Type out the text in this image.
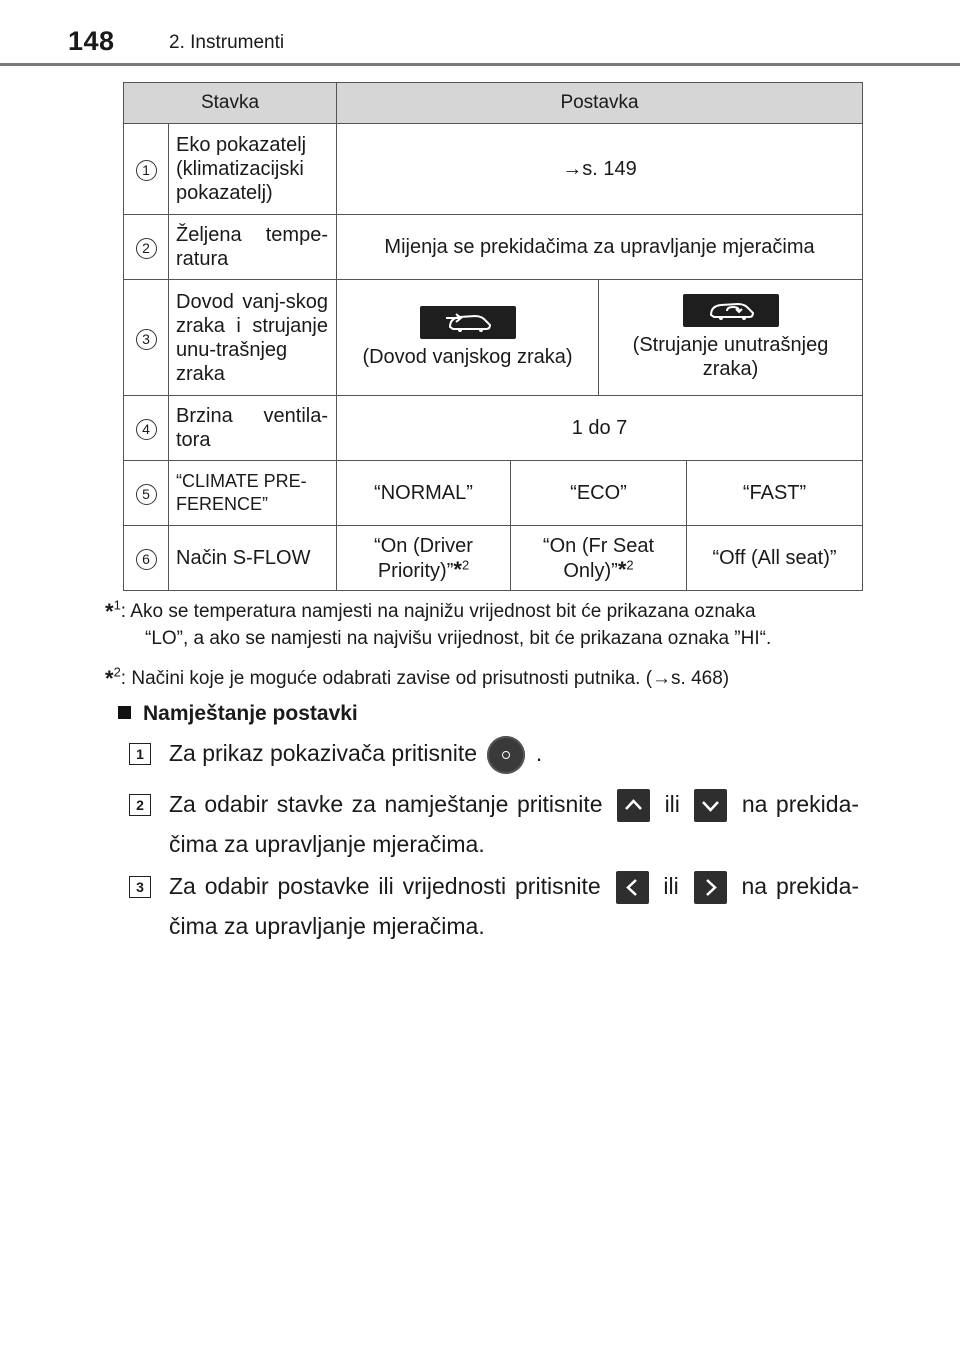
148	2. Instrumenti
Stavka		Postavka			
1	Eko pokazatelj (klimatizacijski pokazatelj)	→s. 149			
2	Željena tempe-ratura	Mijenja se prekidačima za upravljanje mjeračima			
3	Dovod vanj-skog zraka i strujanje unu-trašnjeg zraka	(Dovod vanjskog zraka)		(Strujanje unutrašnjeg zraka)	
4	Brzina ventila-tora	1 do 7			
5	“CLIMATE PRE-FERENCE”	“NORMAL”	“ECO”		“FAST”
6	Način S-FLOW	“On (Driver Priority)”*$^2$	“On (Fr Seat Only)”*$^2$		“Off (All seat)”
*$^1$: Ako se temperatura namjesti na najnižu vrijednost bit će prikazana oznaka
“LO”, a ako se namjesti na najvišu vrijednost, bit će prikazana oznaka ”HI“.
*$^2$: Načini koje je moguće odabrati zavise od prisutnosti putnika. (→s. 468)
Namještanje postavki
1	Za prikaz pokazivača pritisnite	.
2	Za odabir stavke za namještanje pritisnite	ili	na prekida-čima za upravljanje mjeračima.
3	Za odabir postavke ili vrijednosti pritisnite	ili	na prekida-čima za upravljanje mjeračima.
